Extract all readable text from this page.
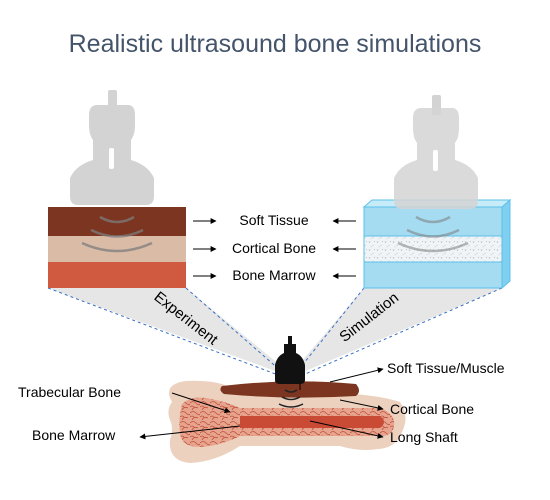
Realistic ultrasound bone simulations
Soft Tissue
Cortical Bone
Bone Marrow
Experiment	Simulation
Trabecular Bone
Bone Marrow
Soft Tissue/Muscle
Cortical Bone
Long Shaft
